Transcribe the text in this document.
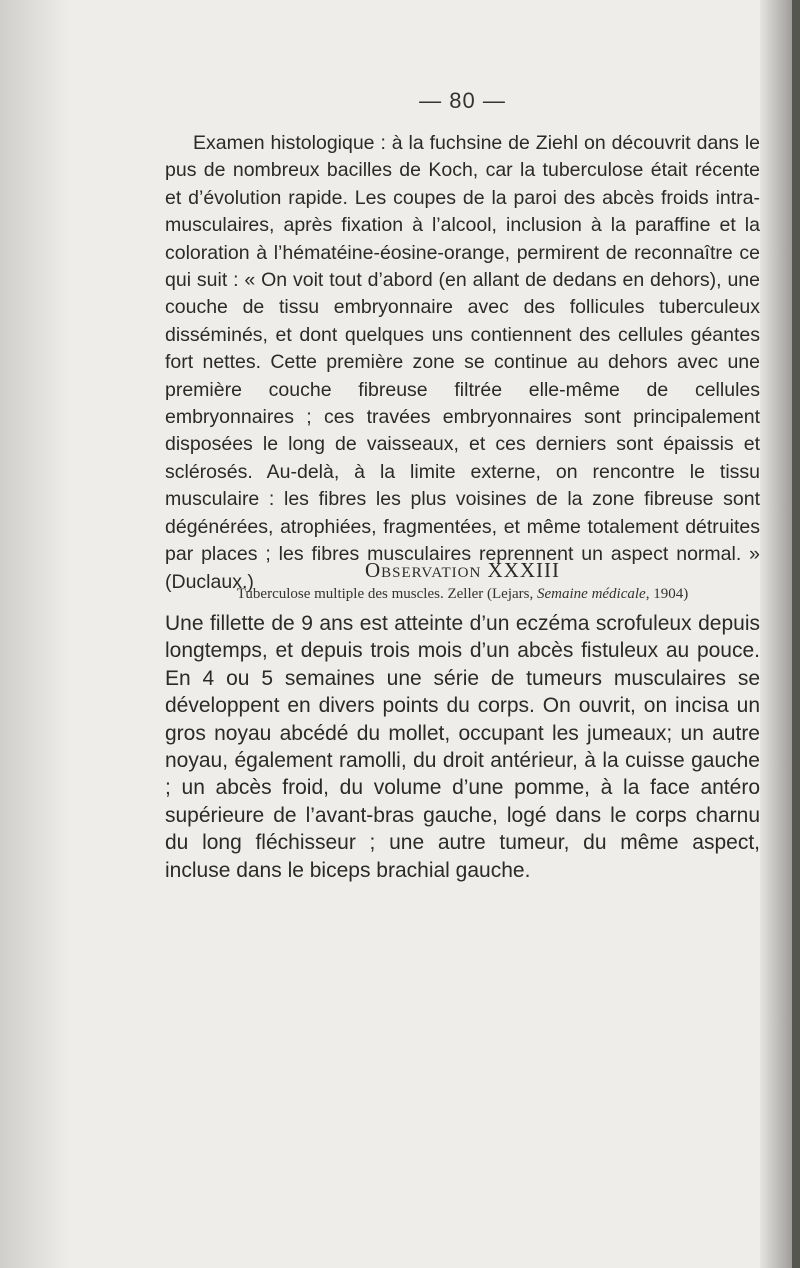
— 80 —

Examen histologique : à la fuchsine de Ziehl on découvrit dans le pus de nombreux bacilles de Koch, car la tuberculose était récente et d’évolution rapide. Les coupes de la paroi des abcès froids intra-musculaires, après fixation à l’alcool, inclusion à la paraffine et la coloration à l’hématéine-éosine-orange, permirent de reconnaître ce qui suit : « On voit tout d’abord (en allant de dedans en dehors), une couche de tissu embryonnaire avec des follicules tuberculeux disséminés, et dont quelques uns contiennent des cellules géantes fort nettes. Cette première zone se continue au dehors avec une première couche fibreuse filtrée elle-même de cellules embryonnaires ; ces travées embryonnaires sont principalement disposées le long de vaisseaux, et ces derniers sont épaissis et sclérosés. Au-delà, à la limite externe, on rencontre le tissu musculaire : les fibres les plus voisines de la zone fibreuse sont dégénérées, atrophiées, fragmentées, et même totalement détruites par places ; les fibres musculaires reprennent un aspect normal. » (Duclaux.)	Observation XXXIII
Tuberculose multiple des muscles. Zeller (Lejars, Semaine médicale, 1904)

Une fillette de 9 ans est atteinte d’un eczéma scrofuleux depuis longtemps, et depuis trois mois d’un abcès fistuleux au pouce. En 4 ou 5 semaines une série de tumeurs musculaires se développent en divers points du corps. On ouvrit, on incisa un gros noyau abcédé du mollet, occupant les jumeaux; un autre noyau, également ramolli, du droit antérieur, à la cuisse gauche ; un abcès froid, du volume d’une pomme, à la face antéro supérieure de l’avant-bras gauche, logé dans le corps charnu du long fléchisseur ; une autre tumeur, du même aspect, incluse dans le biceps brachial gauche.
